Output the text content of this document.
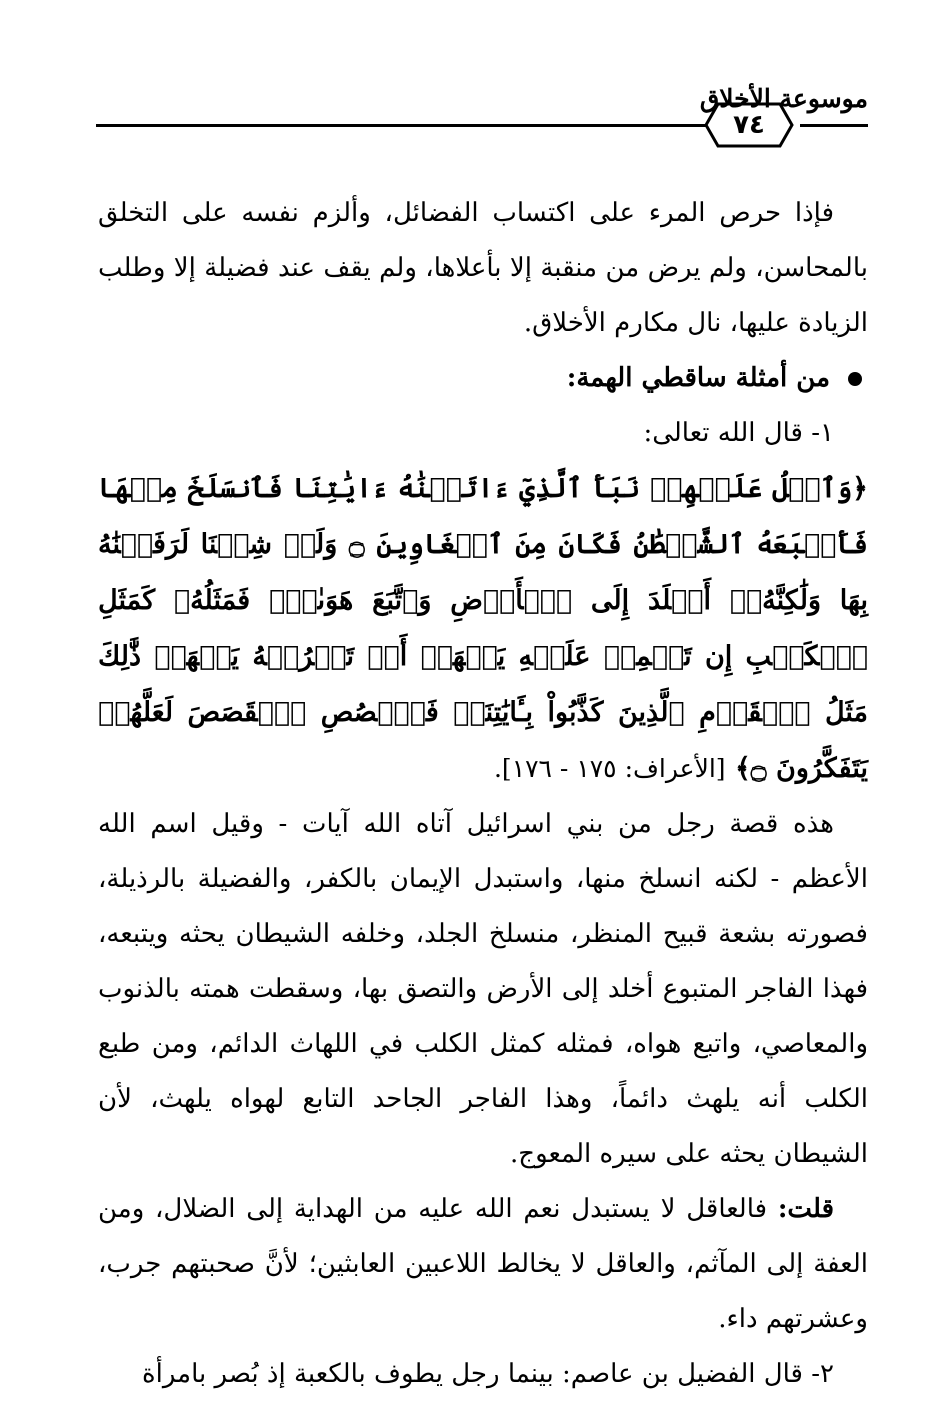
٧٤
موسوعة الأخلاق

فإذا حرص المرء على اكتساب الفضائل، وألزم نفسه على التخلق بالمحاسن، ولم يرض من منقبة إلا بأعلاها، ولم يقف عند فضيلة إلا وطلب الزيادة عليها، نال مكارم الأخلاق.

من أمثلة ساقطي الهمة:

١- قال الله تعالى:

﴿وَٱتۡلُ عَلَيۡهِمۡ نَبَأَ ٱلَّذِيٓ ءَاتَيۡنَٰهُ ءَايَٰتِنَا فَٱنسَلَخَ مِنۡهَا فَأَتۡبَعَهُ ٱلشَّيۡطَٰنُ فَكَانَ مِنَ ٱلۡغَاوِينَ ۝ وَلَوۡ شِئۡنَا لَرَفَعۡنَٰهُ بِهَا وَلَٰكِنَّهُۥٓ أَخۡلَدَ إِلَى ٱلۡأَرۡضِ وَٱتَّبَعَ هَوَىٰهُۚ فَمَثَلُهُۥ كَمَثَلِ ٱلۡكَلۡبِ إِن تَحۡمِلۡ عَلَيۡهِ يَلۡهَثۡ أَوۡ تَتۡرُكۡهُ يَلۡهَثۚ ذَّٰلِكَ مَثَلُ ٱلۡقَوۡمِ ٱلَّذِينَ كَذَّبُواْ بِـَٔايَٰتِنَاۚ فَٱقۡصُصِ ٱلۡقَصَصَ لَعَلَّهُمۡ يَتَفَكَّرُونَ ۝﴾ [الأعراف: ١٧٥ - ١٧٦].

هذه قصة رجل من بني اسرائيل آتاه الله آيات - وقيل اسم الله الأعظم - لكنه انسلخ منها، واستبدل الإيمان بالكفر، والفضيلة بالرذيلة، فصورته بشعة قبيح المنظر، منسلخ الجلد، وخلفه الشيطان يحثه ويتبعه، فهذا الفاجر المتبوع أخلد إلى الأرض والتصق بها، وسقطت همته بالذنوب والمعاصي، واتبع هواه، فمثله كمثل الكلب في اللهاث الدائم، ومن طبع الكلب أنه يلهث دائماً، وهذا الفاجر الجاحد التابع لهواه يلهث، لأن الشيطان يحثه على سيره المعوج.

قلت: فالعاقل لا يستبدل نعم الله عليه من الهداية إلى الضلال، ومن العفة إلى المآثم، والعاقل لا يخالط اللاعبين العابثين؛ لأنَّ صحبتهم جرب، وعشرتهم داء.

٢- قال الفضيل بن عاصم: بينما رجل يطوف بالكعبة إذ بُصر بامرأة
